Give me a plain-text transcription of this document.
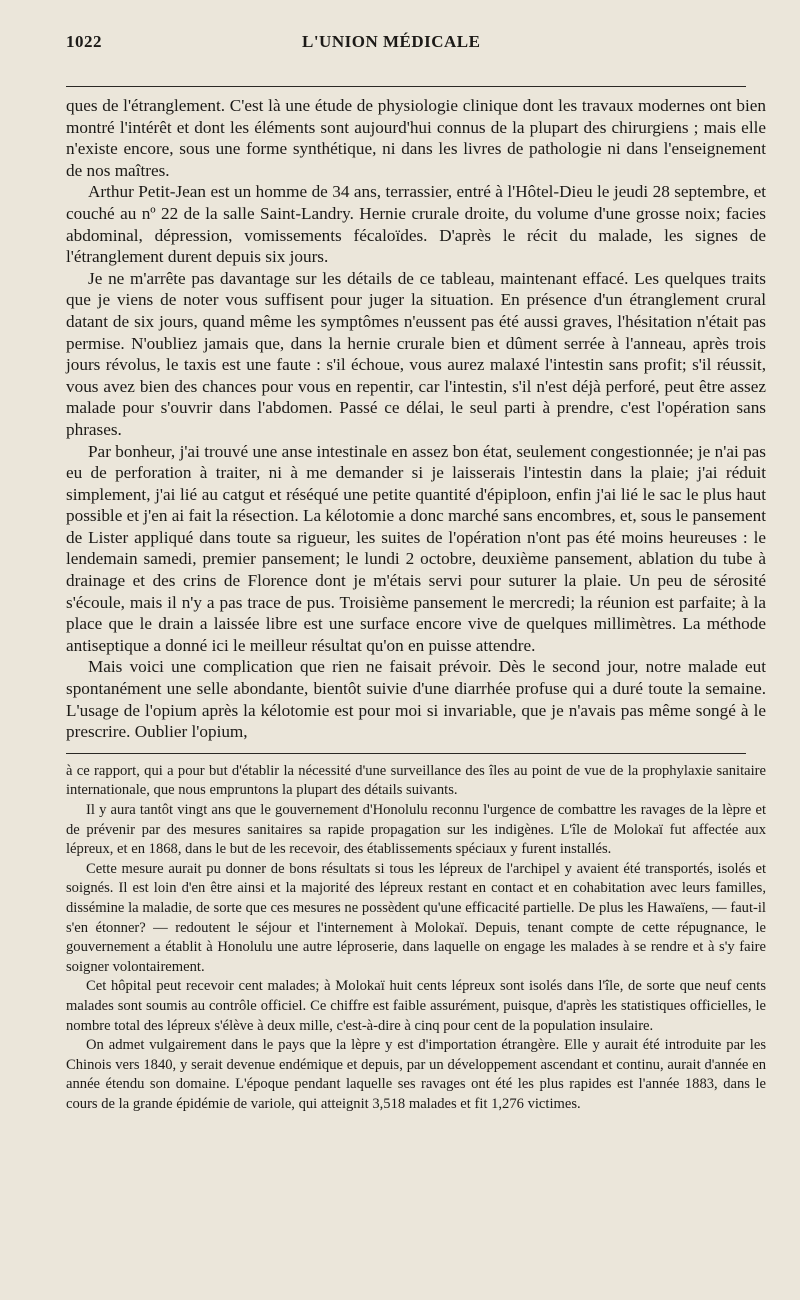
1022	L'UNION MÉDICALE

ques de l'étranglement. C'est là une étude de physiologie clinique dont les travaux modernes ont bien montré l'intérêt et dont les éléments sont aujourd'hui connus de la plupart des chirurgiens ; mais elle n'existe encore, sous une forme synthétique, ni dans les livres de pathologie ni dans l'enseignement de nos maîtres.

Arthur Petit-Jean est un homme de 34 ans, terrassier, entré à l'Hôtel-Dieu le jeudi 28 septembre, et couché au nº 22 de la salle Saint-Landry. Hernie crurale droite, du volume d'une grosse noix; facies abdominal, dépression, vomissements fécaloïdes. D'après le récit du malade, les signes de l'étranglement durent depuis six jours.

Je ne m'arrête pas davantage sur les détails de ce tableau, maintenant effacé. Les quelques traits que je viens de noter vous suffisent pour juger la situation. En présence d'un étranglement crural datant de six jours, quand même les symptômes n'eussent pas été aussi graves, l'hésitation n'était pas permise. N'oubliez jamais que, dans la hernie crurale bien et dûment serrée à l'anneau, après trois jours révolus, le taxis est une faute : s'il échoue, vous aurez malaxé l'intestin sans profit; s'il réussit, vous avez bien des chances pour vous en repentir, car l'intestin, s'il n'est déjà perforé, peut être assez malade pour s'ouvrir dans l'abdomen. Passé ce délai, le seul parti à prendre, c'est l'opération sans phrases.

Par bonheur, j'ai trouvé une anse intestinale en assez bon état, seulement congestionnée; je n'ai pas eu de perforation à traiter, ni à me demander si je laisserais l'intestin dans la plaie; j'ai réduit simplement, j'ai lié au catgut et réséqué une petite quantité d'épiploon, enfin j'ai lié le sac le plus haut possible et j'en ai fait la résection. La kélotomie a donc marché sans encombres, et, sous le pansement de Lister appliqué dans toute sa rigueur, les suites de l'opération n'ont pas été moins heureuses : le lendemain samedi, premier pansement; le lundi 2 octobre, deuxième pansement, ablation du tube à drainage et des crins de Florence dont je m'étais servi pour suturer la plaie. Un peu de sérosité s'écoule, mais il n'y a pas trace de pus. Troisième pansement le mercredi; la réunion est parfaite; à la place que le drain a laissée libre est une surface encore vive de quelques millimètres. La méthode antiseptique a donné ici le meilleur résultat qu'on en puisse attendre.

Mais voici une complication que rien ne faisait prévoir. Dès le second jour, notre malade eut spontanément une selle abondante, bientôt suivie d'une diarrhée profuse qui a duré toute la semaine. L'usage de l'opium après la kélotomie est pour moi si invariable, que je n'avais pas même songé à le prescrire. Oublier l'opium,

à ce rapport, qui a pour but d'établir la nécessité d'une surveillance des îles au point de vue de la prophylaxie sanitaire internationale, que nous empruntons la plupart des détails suivants.

Il y aura tantôt vingt ans que le gouvernement d'Honolulu reconnu l'urgence de combattre les ravages de la lèpre et de prévenir par des mesures sanitaires sa rapide propagation sur les indigènes. L'île de Molokaï fut affectée aux lépreux, et en 1868, dans le but de les recevoir, des établissements spéciaux y furent installés.

Cette mesure aurait pu donner de bons résultats si tous les lépreux de l'archipel y avaient été transportés, isolés et soignés. Il est loin d'en être ainsi et la majorité des lépreux restant en contact et en cohabitation avec leurs familles, dissémine la maladie, de sorte que ces mesures ne possèdent qu'une efficacité partielle. De plus les Hawaïens, — faut-il s'en étonner? — redoutent le séjour et l'internement à Molokaï. Depuis, tenant compte de cette répugnance, le gouvernement a établit à Honolulu une autre léproserie, dans laquelle on engage les malades à se rendre et à s'y faire soigner volontairement.

Cet hôpital peut recevoir cent malades; à Molokaï huit cents lépreux sont isolés dans l'île, de sorte que neuf cents malades sont soumis au contrôle officiel. Ce chiffre est faible assurément, puisque, d'après les statistiques officielles, le nombre total des lépreux s'élève à deux mille, c'est-à-dire à cinq pour cent de la population insulaire.

On admet vulgairement dans le pays que la lèpre y est d'importation étrangère. Elle y aurait été introduite par les Chinois vers 1840, y serait devenue endémique et depuis, par un développement ascendant et continu, aurait d'année en année étendu son domaine. L'époque pendant laquelle ses ravages ont été les plus rapides est l'année 1883, dans le cours de la grande épidémie de variole, qui atteignit 3,518 malades et fit 1,276 victimes.
